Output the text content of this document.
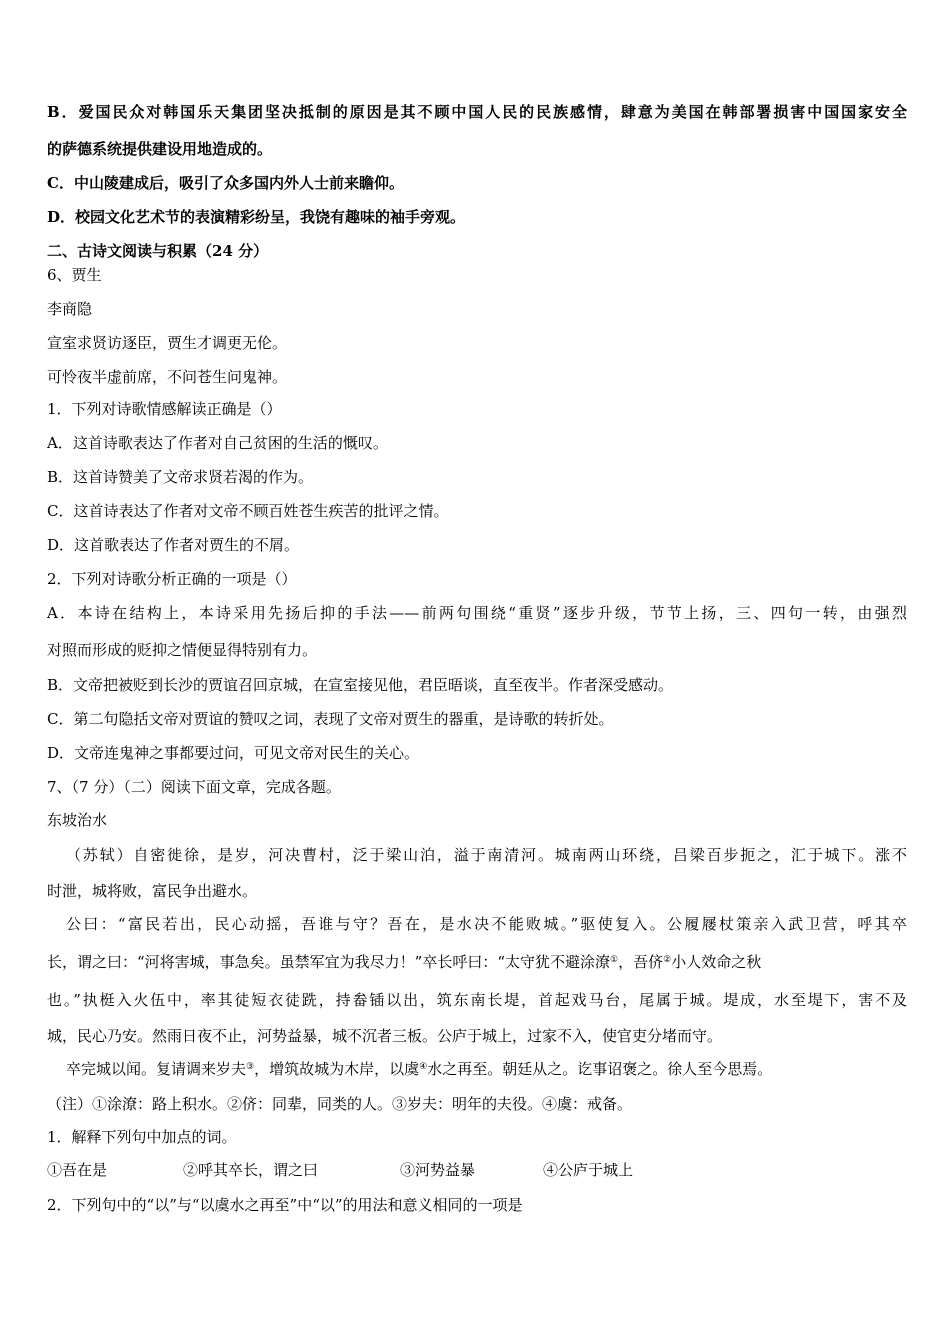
B．爱国民众对韩国乐天集团坚决抵制的原因是其不顾中国人民的民族感情，肆意为美国在韩部署损害中国国家安全
的萨德系统提供建设用地造成的。
C．中山陵建成后，吸引了众多国内外人士前来瞻仰。
D．校园文化艺术节的表演精彩纷呈，我饶有趣味的袖手旁观。
二、古诗文阅读与积累（24 分）
6、贾生
李商隐
宣室求贤访逐臣，贾生才调更无伦。
可怜夜半虚前席，不问苍生问鬼神。
1．下列对诗歌情感解读正确是（）
A．这首诗歌表达了作者对自己贫困的生活的慨叹。
B．这首诗赞美了文帝求贤若渴的作为。
C．这首诗表达了作者对文帝不顾百姓苍生疾苦的批评之情。
D．这首歌表达了作者对贾生的不屑。
2．下列对诗歌分析正确的一项是（）
A．本诗在结构上，本诗采用先扬后抑的手法——前两句围绕“重贤”逐步升级，节节上扬，三、四句一转，由强烈
对照而形成的贬抑之情便显得特别有力。
B．文帝把被贬到长沙的贾谊召回京城，在宣室接见他，君臣晤谈，直至夜半。作者深受感动。
C．第二句隐括文帝对贾谊的赞叹之词，表现了文帝对贾生的器重，是诗歌的转折处。
D．文帝连鬼神之事都要过问，可见文帝对民生的关心。
7、（7 分）（二）阅读下面文章，完成各题。
东坡治水
（苏轼）自密徙徐，是岁，河决曹村，泛于梁山泊，溢于南清河。城南两山环绕，吕梁百步扼之，汇于城下。涨不
时泄，城将败，富民争出避水。
公曰：“富民若出，民心动摇，吾谁与守？吾在，是水决不能败城。”驱使复入。公履屦杖策亲入武卫营，呼其卒
长，谓之曰：“河将害城，事急矣。虽禁军宜为我尽力！”卒长呼曰：“太守犹不避涂潦①，吾侪②小人效命之秋
也。”执梃入火伍中，率其徒短衣徒跣，持畚锸以出，筑东南长堤，首起戏马台，尾属于城。堤成，水至堤下，害不及
城，民心乃安。然雨日夜不止，河势益暴，城不沉者三板。公庐于城上，过家不入，使官吏分堵而守。
卒完城以闻。复请调来岁夫③，增筑故城为木岸，以虞④水之再至。朝廷从之。讫事诏褒之。徐人至今思焉。
（注）①涂潦：路上积水。②侪：同辈，同类的人。③岁夫：明年的夫役。④虞：戒备。
1．解释下列句中加点的词。
①吾在是	②呼其卒长，谓之曰	③河势益暴	④公庐于城上
2．下列句中的“以”与“以虞水之再至”中“以”的用法和意义相同的一项是
